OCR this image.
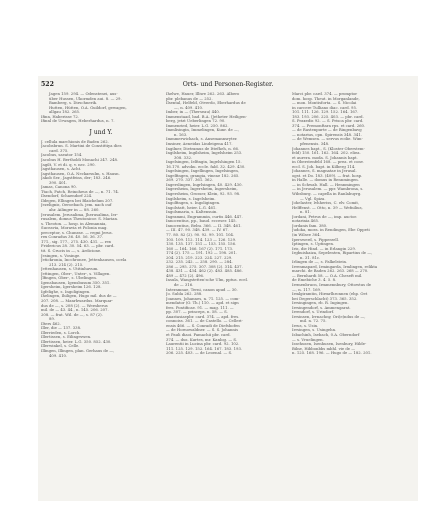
522	Orts- und Personen-Register.
Jagen 159. 294. — Odenstenei, aus-
über Hussen, Ukormden aui. 8. — 29.
Bamberg, s. Dirschnerik.
Hutten, Hütten, O.A. Guildorf, gewagen,
allgau 182. 265.
Ifinn, Haberisse 72.
Ifinnl de Urwagen, Heberhardus, n. 7.
J und Y.
J. cellula marchionis de Baden 262.
Jacobsbrun. S. Martini de Constittiya dies
card. 375.
Jacobus, saeator 154.
Jacobus H. Bertholdi Monachi 247. 248.
Jagilt, V. et di. q. v. nec. 290.
Jagsthausen, s. Acht.
Jagsthausen, O.A. Neckarsulm, s. Hausn.
Jakob Ser., Jagstfeins, der; 183. 246.
390. 401.
Jamas, Canona 90.
Ttach, Patch, Reinoheus de —, n. 71. 74.
Ilsendorf, Schaendorf 224.
Ildegen, Ellingen bei Blaichelum 207.
Jezelignis, Oeroebach. jem. nach ouf
ahr. Ailinger in — 88. 260.
Jerusalem. Jerusalima, Jherusalima, Ier-
rusalem, domus Theutonicor. S. Marian.
s. Theoton. — hosp. in Alemannia,
Suceavia, Moravia et Polonia mag.
preceptor, s. Chunrae. — regni Jerus.
rex Conradus 36. 40. 56. 36. 37.
171., sig. 177., 275. 430. 431. — rex
Fridericus 28. 30. 54. 63. — pbr. card.
tit. S. Crucis in —, s. Ardicione.
Jesingen, s. Vosinge.
Jetickronia, Incchronee, Jettenhausen, ocela
213. 214 (2). 215.
Jettenhausen, s. Utitinhuvum.
Jettingen, Ober-, Unter-, s. Villagen.
Jlfingen, Ober-, s. Ubelingen.
Igensbausen, Igensbusum 350. 351.
Igersheim, Igersheim 126. 128.
Igfelighe, s. Ingoligingen.
Ihelingen, Ihiligen, Hugo mil. dus de —
207. 208. — Manrhwardus. Marquar-
dus de —, s. 208 (2). — Wernherus
mil. de — 43. 44., n. 145. 206. 207.
208. — frat. Wil. de —, s. 87 (2).
89.
Ilters 462.
Iller, die — 137. 338.
Illerrieden, s. Lorch.
Illertissen, s. Eilingrswen.
Illertissen, heier. L.G. 350. 852. 430.
Illerwinkel, s. Celle.
Illingen, Illingen, plan. Gerhaus de —,
409. 410.
Ihelwe, Hauer, Illiwe 262. 263. Albero
pbr. plebanus de — 252.
Ilsental, Helfeld, Otverdo, Eberhardus de
—, n. 409. 410.
Imber, in — (Therseau) 440.
Immenstaad, bad. B.A. (Jetheter Heiligen-
berg, jetzt Ueberlingen 72. 90.
Immenried, heier. L.G. 250. 862.
Immlisingin, Immelingen, Kunr. de —,
n. 163.
Immmerwichach, s. Ansemannsryter.
Imsiner, Aeneidas Lindeigena 417.
Ingilner, Dietramus de Ittefheh, n. 66.
Ingilsheim, Ingilsheim, Ingelsheim 253.
308. 332.
Ingelsingen, Ielfingin, Ingelshingen 15.
16.170. advoku. eccle. fald. 32. 429. 430.
Ingelsingen, Ingellingen, Ingelsingen,
Ingelfingen, grangia, vineae 182. 265.
269. 270. 337. 361. 362.
Ingerslingen, Ingrlsingen, 40. 429. 430.
Ingersheim, Ingersheim, Ingersheim,
Ingersheim, Grosser, Klein, 92. 93. 98.
Ingilsheim, s. Ingelsheim.
Ingolfingen, s. Ingoligingen.
Ingolstatt, heier. L.G. 461.
Ingolsmaria, s. Kaltensuin.
Ingrammi, Engrammin, curtis 446. 447.
Innocentius, pp., baud. ecceser. 145.
Innocentius, Bebu. 366. — II. 348. 461.
— III. 47. 90. 348. 439. — IV. 67.
77. 80. 82 (2). 90. 92. 99. 101. 104.
105. 109. 112. 114. 123 — 126. 129.
130. 135. 137. 151 — 153. 155. 156.
160 — 164. 166. 167 (2). 171. 173.
174 (2). 175 — 191. 192 — 198. 201.
204. 215. 219. 223. 224. 227. 229.
232. 235. 242. — 258. 290. — 284.
286 — 295. 275. 307. 308 (2). 314. 437.
438. 431 — 434. 462 (2). 483. 485. 486.
489 — 472 (2). 496.
Insula, Wangstetten'sche Ulm, pptus. ecel.
de — 316.
Interamnae, Terni, canon apud — 30.
Jo. Subla 262. 288.
Joannes, Johannes, n. 71. 125. — com-
mendator (O. Th.) 110. — apd. et sign
fres. Pontificae. 91. — mag. 111. —
pp. 307. — princeps, n. 58. — S.
Anastasiaepbr. card. 374. — apd. fres.
connoiss. 361. — de Castello. — Celleri-
ensis 466. — S. Conradi de Diefshofen
— de Hornowaldner. — S. S. Johannis
et Pauli diaoi. Pamachii pbr. card.
374. — dus. Kurtes, mr. Kanlog. — S.
Laurentii in Lucina pbr. card. 92. 102.
111. 125. 129. 152. 164. 167. 183. 193.
206. 225. 403. — de Leoenal. — S.
Marci pbr. card. 374. — promptor
dom. hosp. Theut. in Morganlande,
— mon. Montisforta. — S. Nicolai
in carcere Tulliano diac. card. 95.
101. 111. 126. 129. 152. 164. 167.
183. 193. 206. 225. 403. — pbr. card.
S. Praxedis 92. — S. Prisca pbr. card.
374. — Premonftara rps. et card. 260.
— de Rastenpurte — de Ringenbavg
— notarius, cpn. Spirensis 348. 341.
— de Wemsen. — servus ecdie. Wim-
pfenensis. 348.
Johannes bapt., S. (Kloster Oberstem-
feld) 150. 161. 162. 164. 202. eliea.
et aurera. moda. S. Johannis bapt.
in Oberstenfeld 168. — prea. et conv.
eccl. S. Joh. bapt. in Kilberg 114.
Johannes, S. magnatae in Jerusal.
ogst. et Do. 183. (409). — frat. hosp.
in Halle. — domus in Rennmingen.
— in Schwab. Hall. — Hennmingen
— in Jerusalem. — ppr. Wambrona, s.
Wibsburg. — capella in Ranlabuyrg.
— Vgl. Spiza.
Johelaster, Ivhheriss, C. elv. Comit,
Helffenst. — Otto, n. 39 — Wefnilius,
n. 81.
Jordani, Petrus de —, imp. auctor.
notarinia 465.
Jordanis fam. 380.
Judoka, mora. in Rendingen, Ebe Oppeti
(in Wilsee 364.
Iperswerd, s. Pipperzell.
Iptingen, s. Uptingen.
Iris, die Hind. — in Erlangin 229.
Irgbuishaiza, Sepelenten, Ripartins de —,
n. 31. 81c.
Irlingen de —, s. Falkelstein.
Irrenmapard, Irmingarda, Irmlingen, relikta
marchi. de Baden 262. 263. 268 — 270.
— Bernhardi 58. — O.A. Cheseft mil.
de Emebiche 3. 4. 5. 8.
Irrmenbrucn, Irmmennbury, Ottowtus de
—, n. 117. 169.
Irmlgiramtin, Hirmrlhronnen (ehp. Oet
bei Degerschlacht) 373. 365. 352.
Irrsingingen, rb. R. Ingingen.
Irrsingendorf, s. Ammengarat.
Irrendorf, s. Urindorf.
Irrsinsen, Irrnachny, Ori(e)ndus de —,
mil. n. 72. 75.
Irrus, s. Usin.
Irrsingen, s. Usingehn.
Isbachinh, Isebach, 0.A. Oberndorf
— s. Vruelingen.
Issehusen, Isenhusen, Isenbury, Hilde-
Bilne, Hibbonbbs mbhl. vie de —
n. 125. 168. 196. — Hugo de — 182. 201.
